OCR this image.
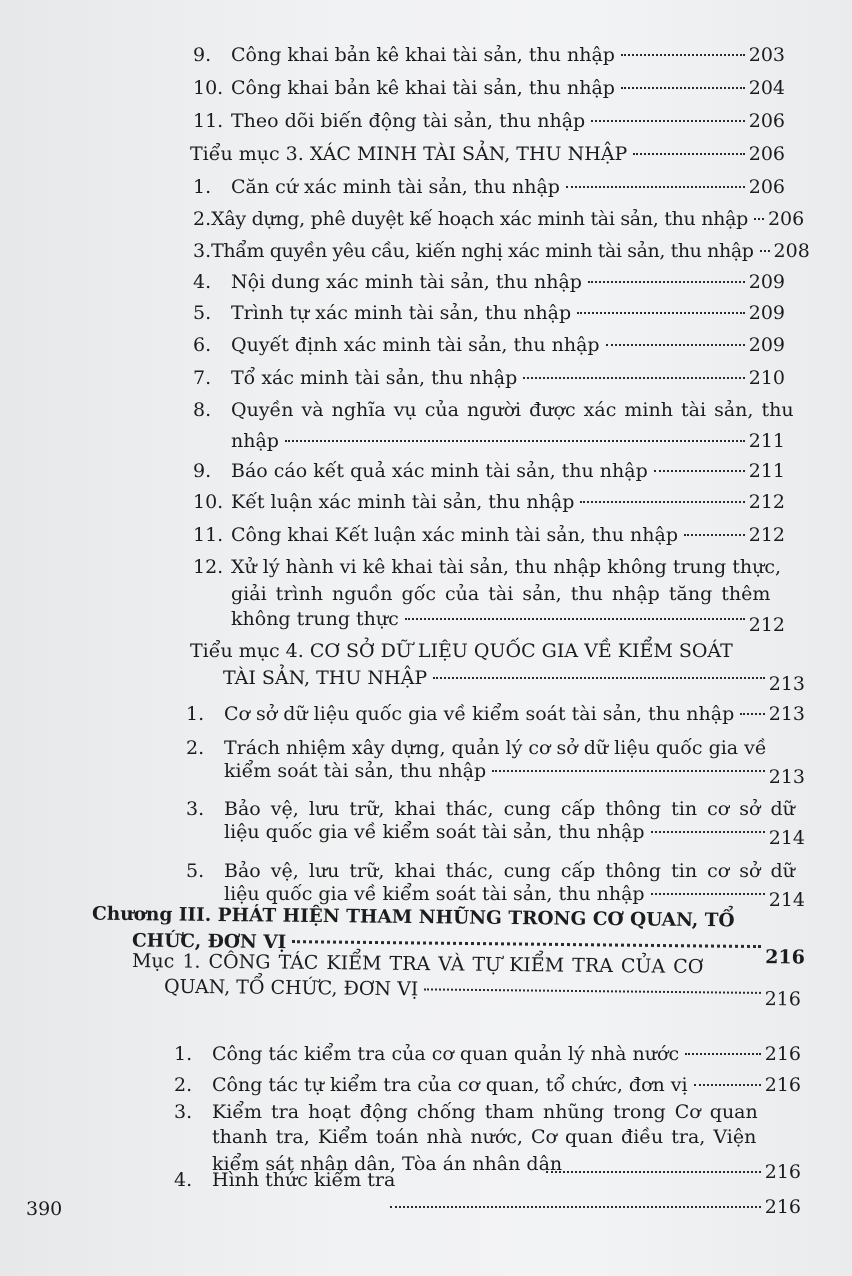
9.	Công khai bản kê khai tài sản, thu nhập	203
10. Công khai bản kê khai tài sản, thu nhập	204
11. Theo dõi biến động tài sản, thu nhập	206
Tiểu mục 3. XÁC MINH TÀI SẢN, THU NHẬP	206
1.	Căn cứ xác minh tài sản, thu nhập	206
2. Xây dựng, phê duyệt kế hoạch xác minh tài sản, thu nhập 206
3. Thẩm quyền yêu cầu, kiến nghị xác minh tài sản, thu nhập 208
4.	Nội dung xác minh tài sản, thu nhập	209
5.	Trình tự xác minh tài sản, thu nhập	209
6.	Quyết định xác minh tài sản, thu nhập	209
7.	Tổ xác minh tài sản, thu nhập	210
8. Quyền và nghĩa vụ của người được xác minh tài sản, thu
nhập	211
9.	Báo cáo kết quả xác minh tài sản, thu nhập	211
10. Kết luận xác minh tài sản, thu nhập	212
11. Công khai Kết luận xác minh tài sản, thu nhập	212
12. Xử lý hành vi kê khai tài sản, thu nhập không trung thực,
giải trình nguồn gốc của tài sản, thu nhập tăng thêm
không trung thực	212
Tiểu mục 4. CƠ SỞ DỮ LIỆU QUỐC GIA VỀ KIỂM SOÁT
TÀI SẢN, THU NHẬP	213
1.	Cơ sở dữ liệu quốc gia về kiểm soát tài sản, thu nhập 213
2. Trách nhiệm xây dựng, quản lý cơ sở dữ liệu quốc gia về
kiểm soát tài sản, thu nhập	213
3. Bảo vệ, lưu trữ, khai thác, cung cấp thông tin cơ sở dữ
liệu quốc gia về kiểm soát tài sản, thu nhập	214
5. Bảo vệ, lưu trữ, khai thác, cung cấp thông tin cơ sở dữ
liệu quốc gia về kiểm soát tài sản, thu nhập	214
Chương III. PHÁT HIỆN THAM NHŨNG TRONG CƠ QUAN, TỔ
CHỨC, ĐƠN VỊ
216
Mục 1. CÔNG TÁC KIỂM TRA VÀ TỰ KIỂM TRA CỦA CƠ
QUAN, TỔ CHỨC, ĐƠN VỊ	216
1.	Công tác kiểm tra của cơ quan quản lý nhà nước	216
2.	Công tác tự kiểm tra của cơ quan, tổ chức, đơn vị	216
3. Kiểm tra hoạt động chống tham nhũng trong Cơ quan
thanh tra, Kiểm toán nhà nước, Cơ quan điều tra, Viện
kiểm sát nhân dân, Tòa án nhân dân	216
4. Hình thức kiểm tra
216
390
